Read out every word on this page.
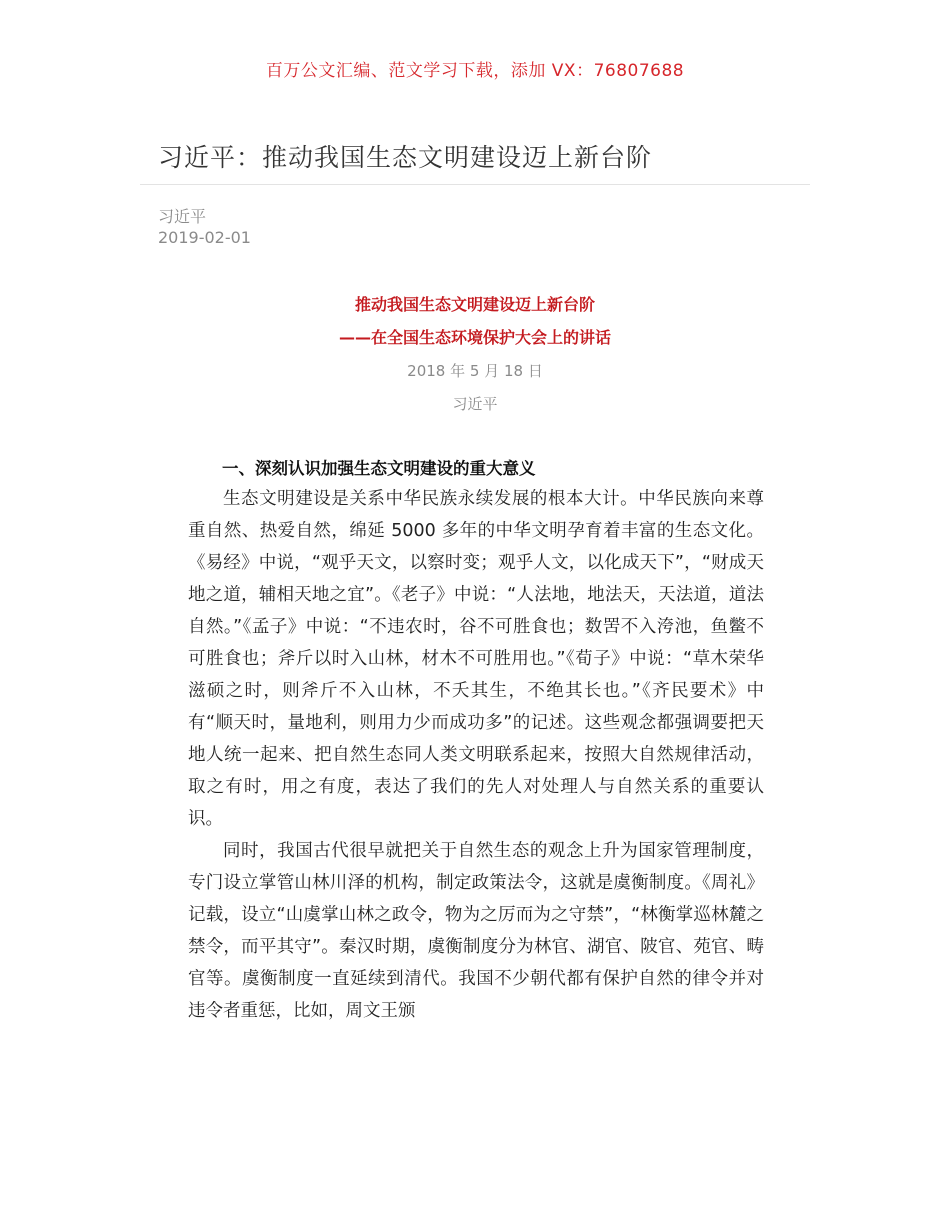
百万公文汇编、范文学习下载，添加 VX：76807688
习近平：推动我国生态文明建设迈上新台阶
习近平
2019-02-01
推动我国生态文明建设迈上新台阶
——在全国生态环境保护大会上的讲话
2018 年 5 月 18 日
习近平
一、深刻认识加强生态文明建设的重大意义

生态文明建设是关系中华民族永续发展的根本大计。中华民族向来尊重自然、热爱自然，绵延 5000 多年的中华文明孕育着丰富的生态文化。《易经》中说，“观乎天文，以察时变；观乎人文，以化成天下”，“财成天地之道，辅相天地之宜”。《老子》中说：“人法地，地法天，天法道，道法自然。”《孟子》中说：“不违农时，谷不可胜食也；数罟不入洿池，鱼鳖不可胜食也；斧斤以时入山林，材木不可胜用也。”《荀子》中说：“草木荣华滋硕之时，则斧斤不入山林，不夭其生，不绝其长也。”《齐民要术》中有“顺天时，量地利，则用力少而成功多”的记述。这些观念都强调要把天地人统一起来、把自然生态同人类文明联系起来，按照大自然规律活动，取之有时，用之有度，表达了我们的先人对处理人与自然关系的重要认识。

同时，我国古代很早就把关于自然生态的观念上升为国家管理制度，专门设立掌管山林川泽的机构，制定政策法令，这就是虞衡制度。《周礼》记载，设立“山虞掌山林之政令，物为之厉而为之守禁”，“林衡掌巡林麓之禁令，而平其守”。秦汉时期，虞衡制度分为林官、湖官、陂官、苑官、畴官等。虞衡制度一直延续到清代。我国不少朝代都有保护自然的律令并对违令者重惩，比如，周文王颁
